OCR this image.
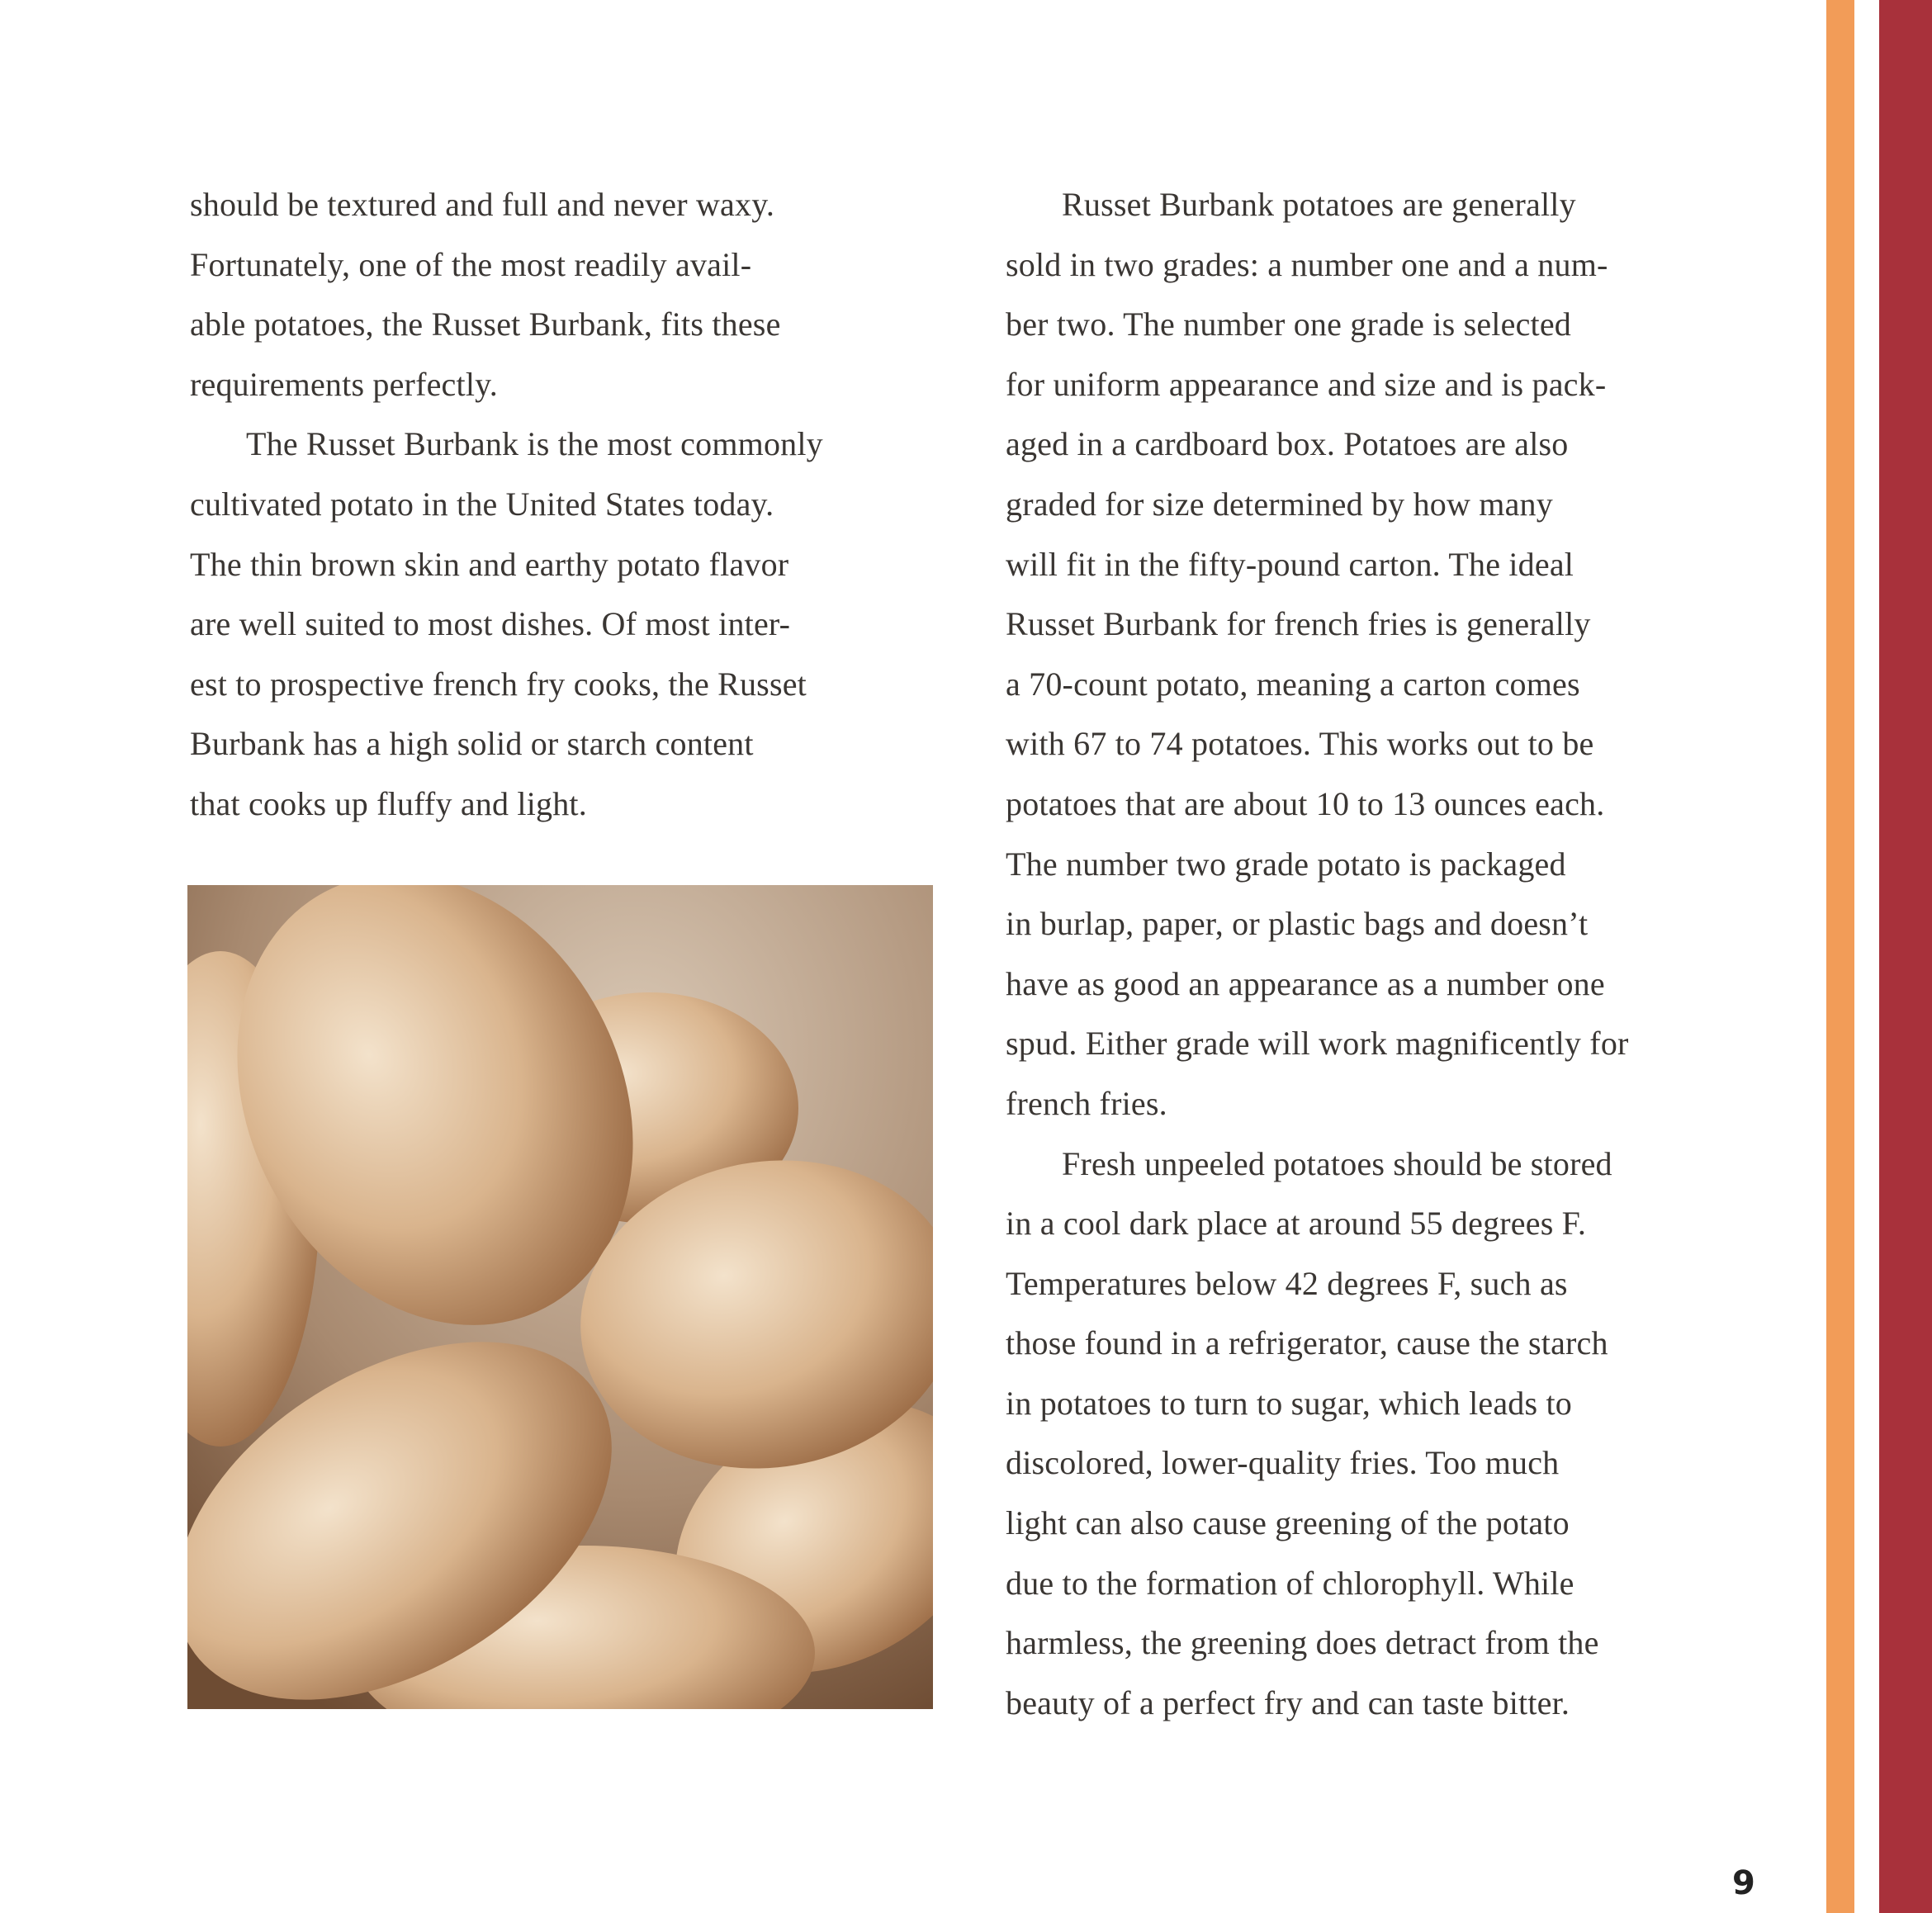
should be textured and full and never waxy.
Fortunately, one of the most readily avail-
able potatoes, the Russet Burbank, fits these
requirements perfectly.
The Russet Burbank is the most commonly
cultivated potato in the United States today.
The thin brown skin and earthy potato flavor
are well suited to most dishes. Of most inter-
est to prospective french fry cooks, the Russet
Burbank has a high solid or starch content
that cooks up fluffy and light.
Russet Burbank potatoes are generally
sold in two grades: a number one and a num-
ber two. The number one grade is selected
for uniform appearance and size and is pack-
aged in a cardboard box. Potatoes are also
graded for size determined by how many
will fit in the fifty-pound carton. The ideal
Russet Burbank for french fries is generally
a 70-count potato, meaning a carton comes
with 67 to 74 potatoes. This works out to be
potatoes that are about 10 to 13 ounces each.
The number two grade potato is packaged
in burlap, paper, or plastic bags and doesn’t
have as good an appearance as a number one
spud. Either grade will work magnificently for
french fries.
Fresh unpeeled potatoes should be stored
in a cool dark place at around 55 degrees F.
Temperatures below 42 degrees F, such as
those found in a refrigerator, cause the starch
in potatoes to turn to sugar, which leads to
discolored, lower-quality fries. Too much
light can also cause greening of the potato
due to the formation of chlorophyll. While
harmless, the greening does detract from the
beauty of a perfect fry and can taste bitter.
9
